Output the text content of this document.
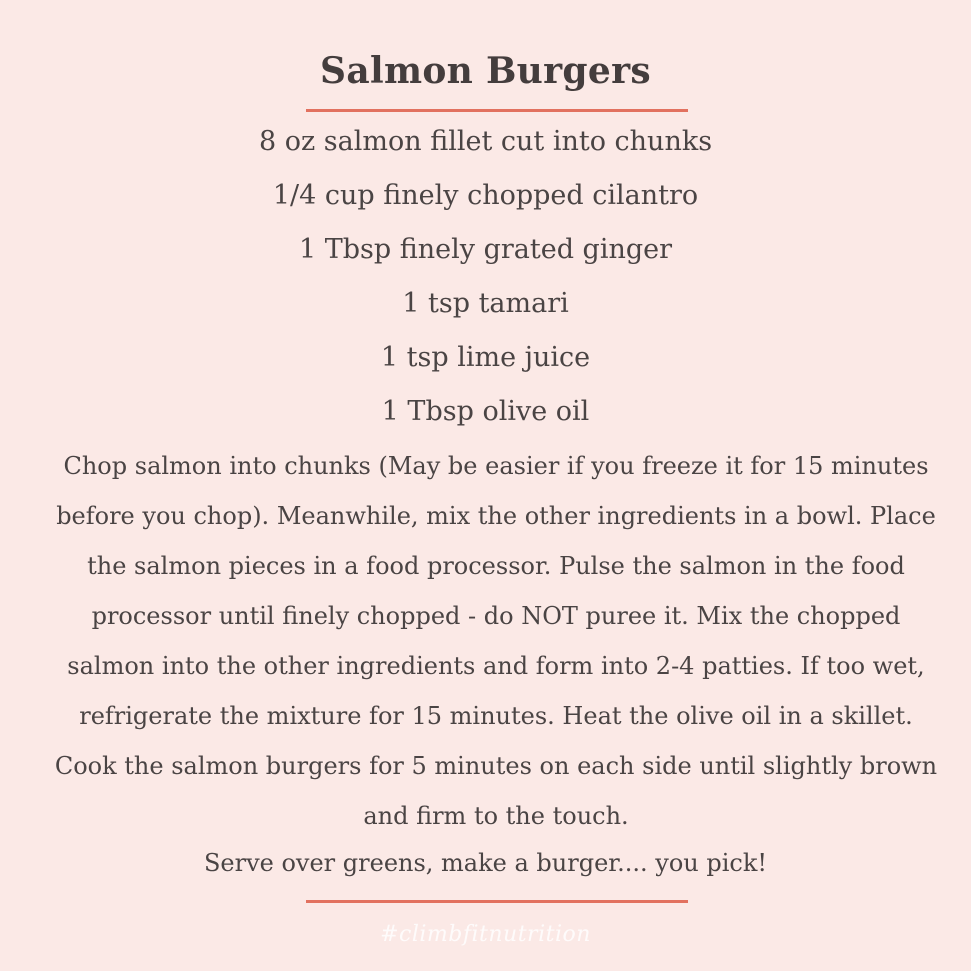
Salmon Burgers
8 oz salmon fillet cut into chunks
1/4 cup finely chopped cilantro
1 Tbsp finely grated ginger
1 tsp tamari
1 tsp lime juice
1 Tbsp olive oil

Chop salmon into chunks (May be easier if you freeze it for 15 minutes before you chop). Meanwhile, mix the other ingredients in a bowl. Place the salmon pieces in a food processor. Pulse the salmon in the food processor until finely chopped - do NOT puree it. Mix the chopped salmon into the other ingredients and form into 2-4 patties. If too wet, refrigerate the mixture for 15 minutes. Heat the olive oil in a skillet. Cook the salmon burgers for 5 minutes on each side until slightly brown and firm to the touch.

Serve over greens, make a burger.... you pick!

#climbfitnutrition
